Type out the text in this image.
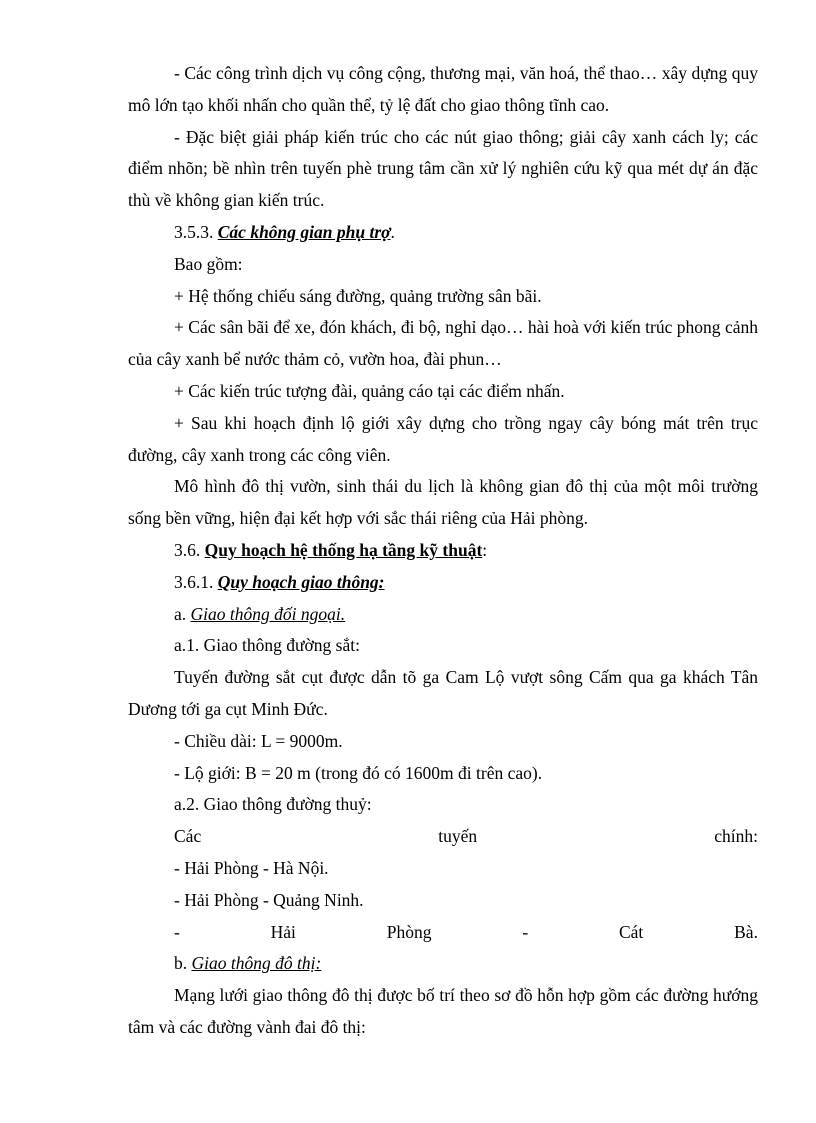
- Các công trình dịch vụ công cộng, thương mại, văn hoá, thể thao… xây dựng quy mô lớn tạo khối nhấn cho quần thể, tỷ lệ đất cho giao thông tĩnh cao.

- Đặc biệt giải pháp kiến trúc cho các nút giao thông; giải cây xanh cách ly; các điểm nhõn; bề nhìn trên tuyến phè trung tâm cần xử lý nghiên cứu kỹ qua mét dự án đặc thù về không gian kiến trúc.

3.5.3. Các không gian phụ trợ.

Bao gồm:

+ Hệ thống chiếu sáng đường, quảng trường sân bãi.

+ Các sân bãi để xe, đón khách, đi bộ, nghỉ dạo… hài hoà với kiến trúc phong cảnh của cây xanh bể nước thảm cỏ, vườn hoa, đài phun…

+ Các kiến trúc tượng đài, quảng cáo tại các điểm nhấn.

+ Sau khi hoạch định lộ giới xây dựng cho trồng ngay cây bóng mát trên trục đường, cây xanh trong các công viên.

Mô hình đô thị vườn, sinh thái du lịch là không gian đô thị của một môi trường sống bền vững, hiện đại kết hợp với sắc thái riêng của Hải phòng.

3.6. Quy hoạch hệ thống hạ tầng kỹ thuật:

3.6.1. Quy hoạch giao thông:

a. Giao thông đối ngoại.

a.1. Giao thông đường sắt:

Tuyến đường sắt cụt được dẫn tõ ga Cam Lộ vượt sông Cấm qua ga khách Tân Dương tới ga cụt Minh Đức.

- Chiều dài: L = 9000m.

- Lộ giới: B = 20 m (trong đó có 1600m đi trên cao).

a.2. Giao thông đường thuỷ:

Các	tuyến	chính:

- Hải Phòng - Hà Nội.

- Hải Phòng - Quảng Ninh.

-	Hải	Phòng	-	Cát	Bà.

b. Giao thông đô thị:

Mạng lưới giao thông đô thị được bố trí theo sơ đồ hỗn hợp gồm các đường hướng tâm và các đường vành đai đô thị:
